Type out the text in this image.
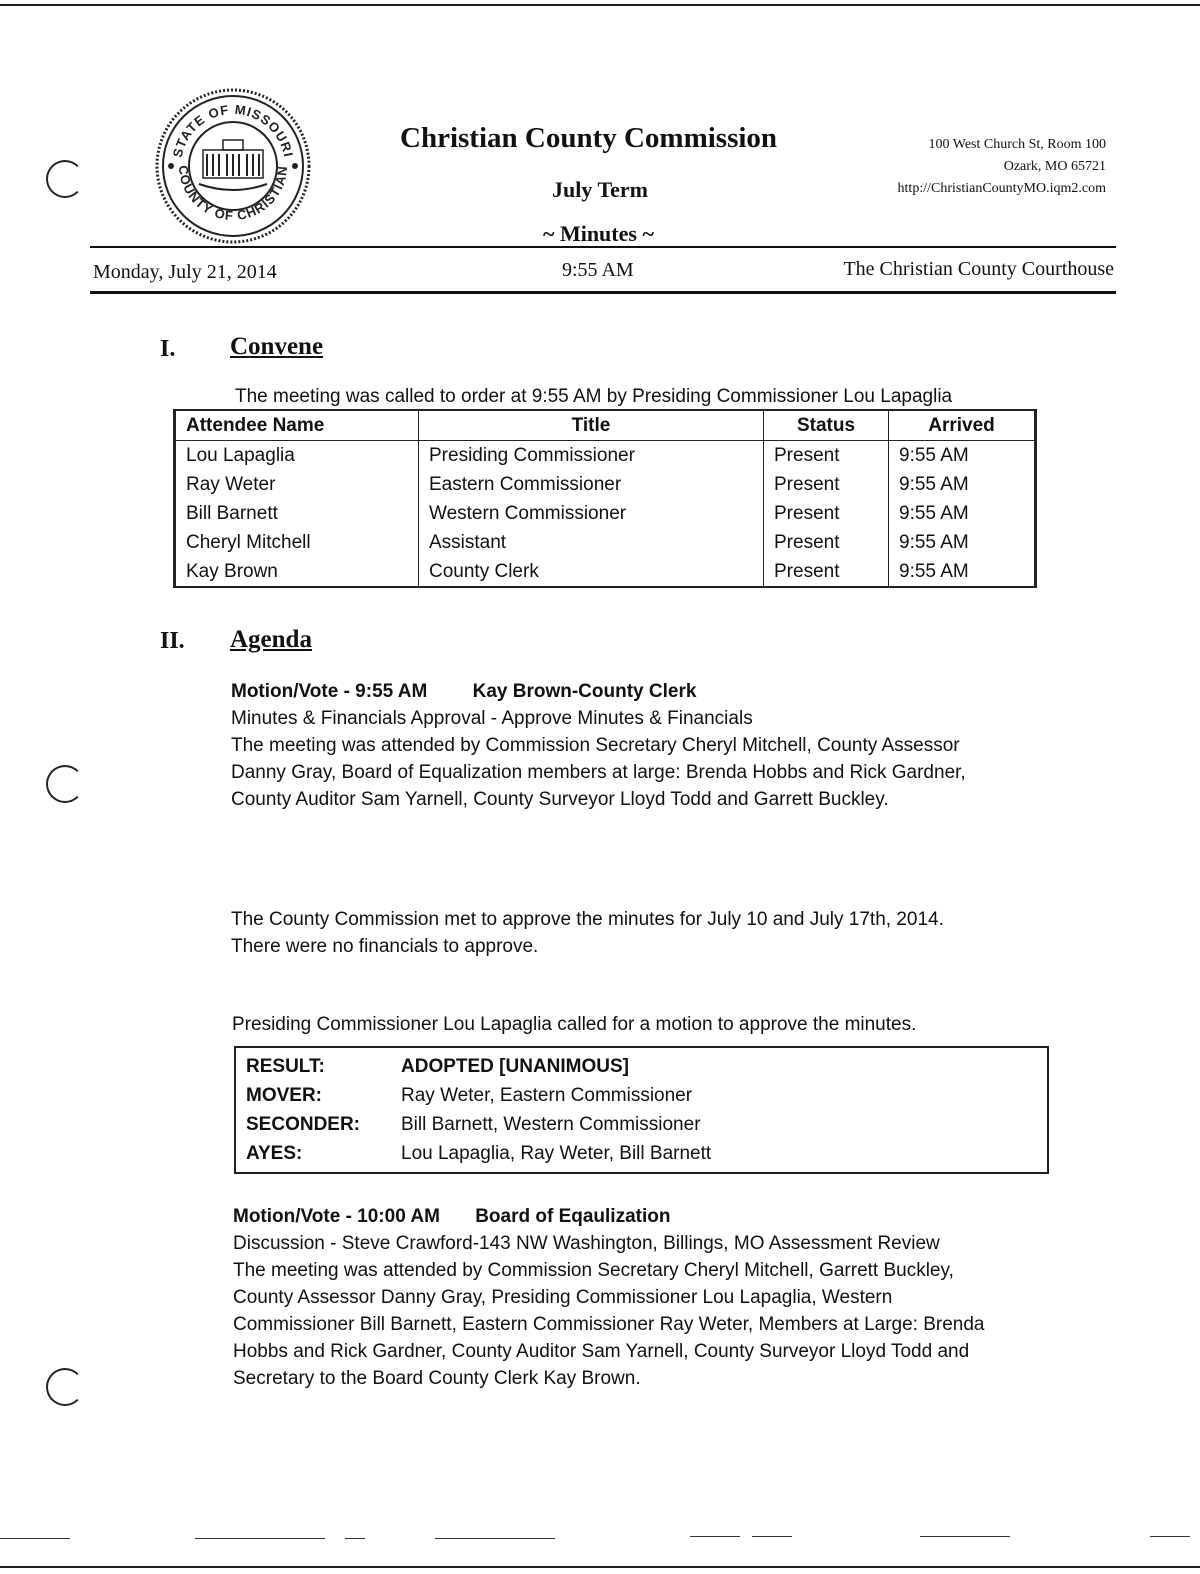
STATE OF MISSOURI
COUNTY OF CHRISTIAN
Christian County Commission
July Term
~ Minutes ~
100 West Church St, Room 100
Ozark, MO 65721
http://ChristianCountyMO.iqm2.com
Monday, July 21, 2014	9:55 AM	The Christian County Courthouse
I. Convene
The meeting was called to order at 9:55 AM by Presiding Commissioner Lou Lapaglia
Attendee Name	Title	Status	Arrived
Lou Lapaglia	Presiding Commissioner	Present	9:55 AM
Ray Weter	Eastern Commissioner	Present	9:55 AM
Bill Barnett	Western Commissioner	Present	9:55 AM
Cheryl Mitchell	Assistant	Present	9:55 AM
Kay Brown	County Clerk	Present	9:55 AM
II. Agenda
Motion/Vote - 9:55 AM Kay Brown-County Clerk
Minutes & Financials Approval - Approve Minutes & Financials
The meeting was attended by Commission Secretary Cheryl Mitchell, County Assessor
Danny Gray, Board of Equalization members at large: Brenda Hobbs and Rick Gardner,
County Auditor Sam Yarnell, County Surveyor Lloyd Todd and Garrett Buckley.
The County Commission met to approve the minutes for July 10 and July 17th, 2014.
There were no financials to approve.
Presiding Commissioner Lou Lapaglia called for a motion to approve the minutes.
RESULT:	ADOPTED [UNANIMOUS]
MOVER:	Ray Weter, Eastern Commissioner
SECONDER:	Bill Barnett, Western Commissioner
AYES:	Lou Lapaglia, Ray Weter, Bill Barnett
Motion/Vote - 10:00 AM Board of Eqaulization
Discussion - Steve Crawford-143 NW Washington, Billings, MO Assessment Review
The meeting was attended by Commission Secretary Cheryl Mitchell, Garrett Buckley,
County Assessor Danny Gray, Presiding Commissioner Lou Lapaglia, Western
Commissioner Bill Barnett, Eastern Commissioner Ray Weter, Members at Large: Brenda
Hobbs and Rick Gardner, County Auditor Sam Yarnell, County Surveyor Lloyd Todd and
Secretary to the Board County Clerk Kay Brown.
